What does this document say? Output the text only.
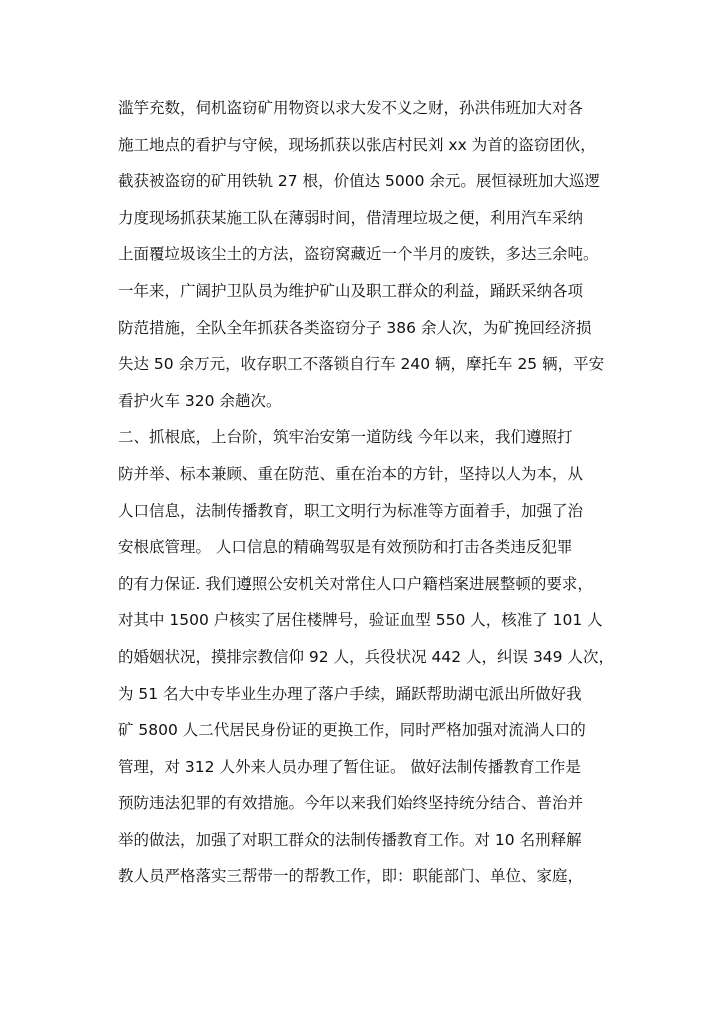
滥竽充数，伺机盗窃矿用物资以求大发不义之财，孙洪伟班加大对各
施工地点的看护与守候，现场抓获以张店村民刘 xx 为首的盗窃团伙，
截获被盗窃的矿用铁轨 27 根，价值达 5000 余元。展恒禄班加大巡逻
力度现场抓获某施工队在薄弱时间，借清理垃圾之便，利用汽车采纳
上面覆垃圾该尘土的方法，盗窃窝藏近一个半月的废铁，多达三余吨。
一年来，广阔护卫队员为维护矿山及职工群众的利益，踊跃采纳各项
防范措施，全队全年抓获各类盗窃分子 386 余人次，为矿挽回经济损
失达 50 余万元，收存职工不落锁自行车 240 辆，摩托车 25 辆，平安
看护火车 320 余趟次。
二、抓根底，上台阶，筑牢治安第一道防线 今年以来，我们遵照打
防并举、标本兼顾、重在防范、重在治本的方针，坚持以人为本，从
人口信息，法制传播教育，职工文明行为标准等方面着手，加强了治
安根底管理。 人口信息的精确驾驭是有效预防和打击各类违反犯罪
的有力保证. 我们遵照公安机关对常住人口户籍档案进展整顿的要求，
对其中 1500 户核实了居住楼牌号，验证血型 550 人，核准了 101 人
的婚姻状况，摸排宗教信仰 92 人，兵役状况 442 人，纠误 349 人次，
为 51 名大中专毕业生办理了落户手续，踊跃帮助湖屯派出所做好我
矿 5800 人二代居民身份证的更换工作，同时严格加强对流淌人口的
管理，对 312 人外来人员办理了暂住证。 做好法制传播教育工作是
预防违法犯罪的有效措施。今年以来我们始终坚持统分结合、普治并
举的做法，加强了对职工群众的法制传播教育工作。对 10 名刑释解
教人员严格落实三帮带一的帮教工作，即：职能部门、单位、家庭，
